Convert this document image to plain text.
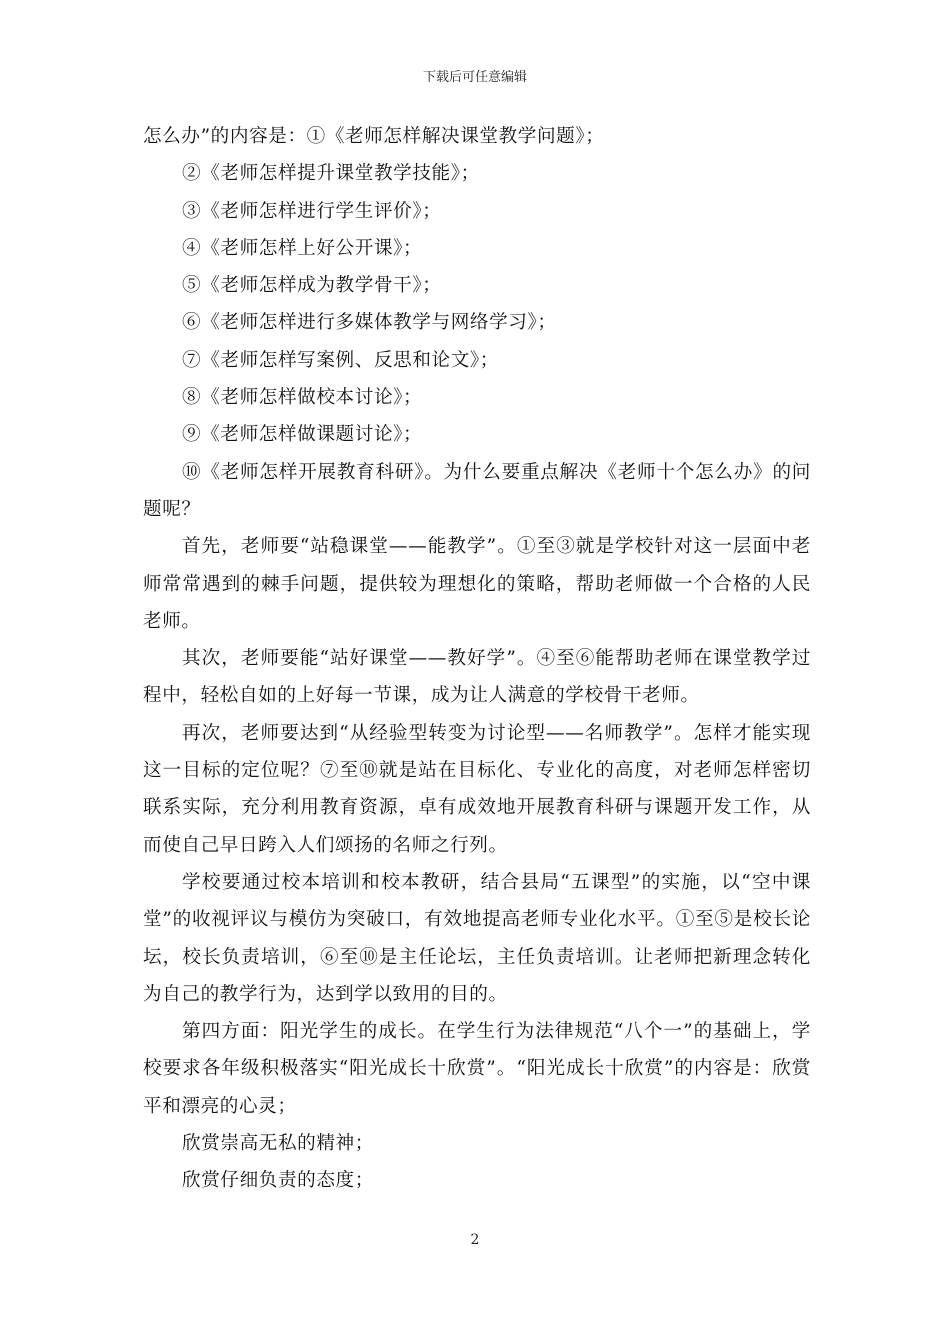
下载后可任意编辑

怎么办”的内容是：①《老师怎样解决课堂教学问题》；

②《老师怎样提升课堂教学技能》；

③《老师怎样进行学生评价》；

④《老师怎样上好公开课》；

⑤《老师怎样成为教学骨干》；

⑥《老师怎样进行多媒体教学与网络学习》；

⑦《老师怎样写案例、反思和论文》；

⑧《老师怎样做校本讨论》；

⑨《老师怎样做课题讨论》；

⑩《老师怎样开展教育科研》。为什么要重点解决《老师十个怎么办》的问题呢？

首先，老师要“站稳课堂——能教学”。①至③就是学校针对这一层面中老师常常遇到的棘手问题，提供较为理想化的策略，帮助老师做一个合格的人民老师。

其次，老师要能“站好课堂——教好学”。④至⑥能帮助老师在课堂教学过程中，轻松自如的上好每一节课，成为让人满意的学校骨干老师。

再次，老师要达到“从经验型转变为讨论型——名师教学”。怎样才能实现这一目标的定位呢？⑦至⑩就是站在目标化、专业化的高度，对老师怎样密切联系实际，充分利用教育资源，卓有成效地开展教育科研与课题开发工作，从而使自己早日跨入人们颂扬的名师之行列。

学校要通过校本培训和校本教研，结合县局“五课型”的实施，以“空中课堂”的收视评议与模仿为突破口，有效地提高老师专业化水平。①至⑤是校长论坛，校长负责培训，⑥至⑩是主任论坛，主任负责培训。让老师把新理念转化为自己的教学行为，达到学以致用的目的。

第四方面：阳光学生的成长。在学生行为法律规范“八个一”的基础上，学校要求各年级积极落实“阳光成长十欣赏”。“阳光成长十欣赏”的内容是：欣赏平和漂亮的心灵；

欣赏崇高无私的精神；

欣赏仔细负责的态度；

2
